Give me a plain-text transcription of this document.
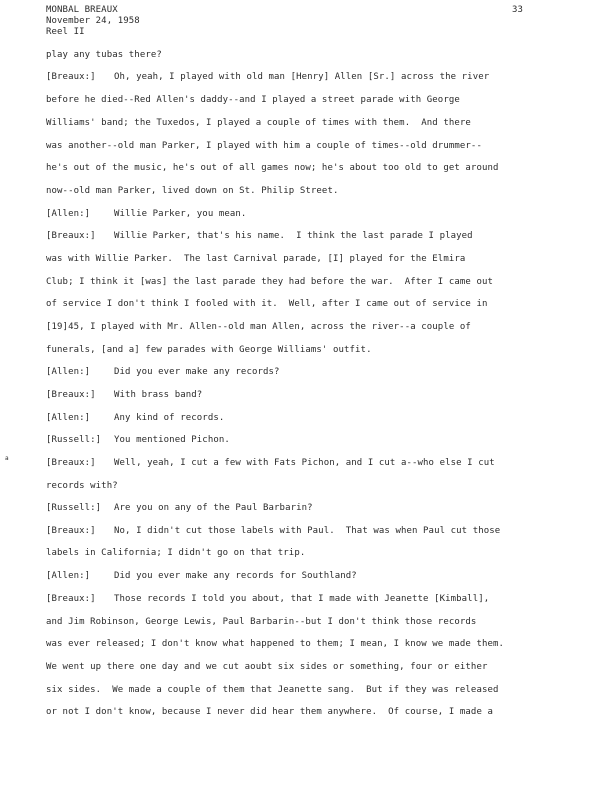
MONBAL BREAUX
November 24, 1958
Reel II
33
a
play any tubas there?
[Breaux:] Oh, yeah, I played with old man [Henry] Allen [Sr.] across the river
before he died--Red Allen's daddy--and I played a street parade with George
Williams' band; the Tuxedos, I played a couple of times with them.  And there
was another--old man Parker, I played with him a couple of times--old drummer--
he's out of the music, he's out of all games now; he's about too old to get around
now--old man Parker, lived down on St. Philip Street.
[Allen:]	Willie Parker, you mean.
[Breaux:] Willie Parker, that's his name.  I think the last parade I played
was with Willie Parker.  The last Carnival parade, [I] played for the Elmira
Club; I think it [was] the last parade they had before the war.  After I came out
of service I don't think I fooled with it.  Well, after I came out of service in
[19]45, I played with Mr. Allen--old man Allen, across the river--a couple of
funerals, [and a] few parades with George Williams' outfit.
[Allen:]	Did you ever make any records?
[Breaux:] With brass band?
[Allen:]	Any kind of records.
[Russell:] You mentioned Pichon.
[Breaux:] Well, yeah, I cut a few with Fats Pichon, and I cut a--who else I cut
records with?
[Russell:] Are you on any of the Paul Barbarin?
[Breaux:] No, I didn't cut those labels with Paul.  That was when Paul cut those
labels in California; I didn't go on that trip.
[Allen:]	Did you ever make any records for Southland?
[Breaux:] Those records I told you about, that I made with Jeanette [Kimball],
and Jim Robinson, George Lewis, Paul Barbarin--but I don't think those records
was ever released; I don't know what happened to them; I mean, I know we made them.
We went up there one day and we cut aoubt six sides or something, four or either
six sides.  We made a couple of them that Jeanette sang.  But if they was released
or not I don't know, because I never did hear them anywhere.  Of course, I made a
